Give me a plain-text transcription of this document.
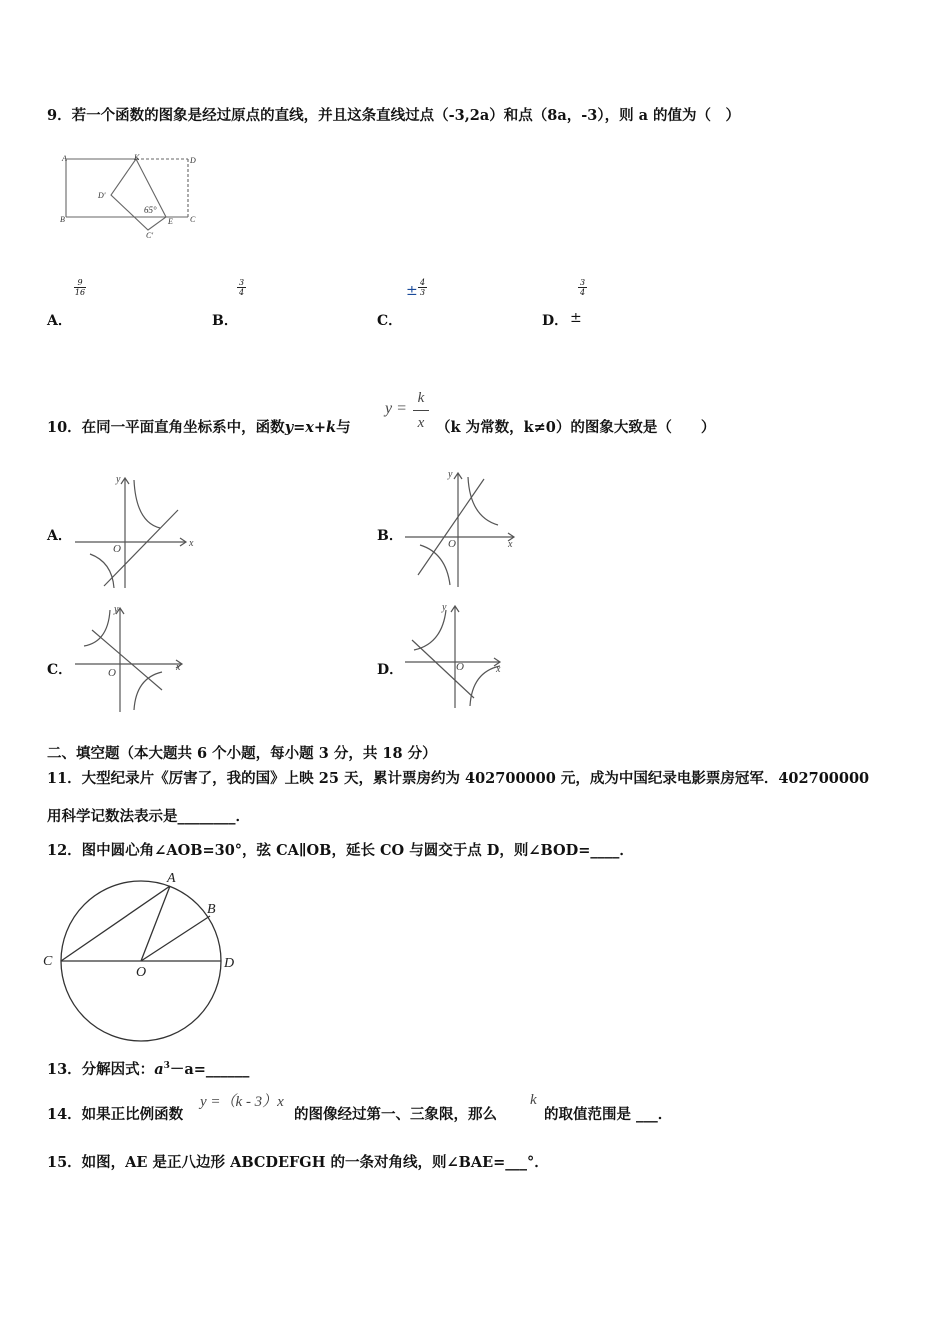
9．若一个函数的图象是经过原点的直线，并且这条直线过点（-3,2a）和点（8a，-3），则 a 的值为（　）
A	K	D
B	C
D'
65°
E
C'
$\frac{9}{16}$
A．
$\frac{3}{4}$
B．
± $\frac{4}{3}$
C．
$\frac{3}{4}$
D． ±
10．在同一平面直角坐标系中，函数y=x+k与
y =
k
x （k 为常数，k≠0）的图象大致是（　　）
A．	x
y
O
B．
x
y
O
C．	x
y
O	D．	x
y
O
二、填空题（本大题共 6 个小题，每小题 3 分，共 18 分）
11．大型纪录片《厉害了，我的国》上映 25 天，累计票房约为 402700000 元，成为中国纪录电影票房冠军．402700000
用科学记数法表示是________．
12．图中圆心角∠AOB=30°，弦 CA∥OB，延长 CO 与圆交于点 D，则∠BOD=____．
A
B
C
O
D
13．分解因式：$a^3-a=\_\_\_\_\_\_$
14．如果正比例函数
y =（k - 3）x
的图像经过第一、三象限，那么
k
的取值范围是 ___．
15．如图，AE 是正八边形 ABCDEFGH 的一条对角线，则∠BAE=___°．
